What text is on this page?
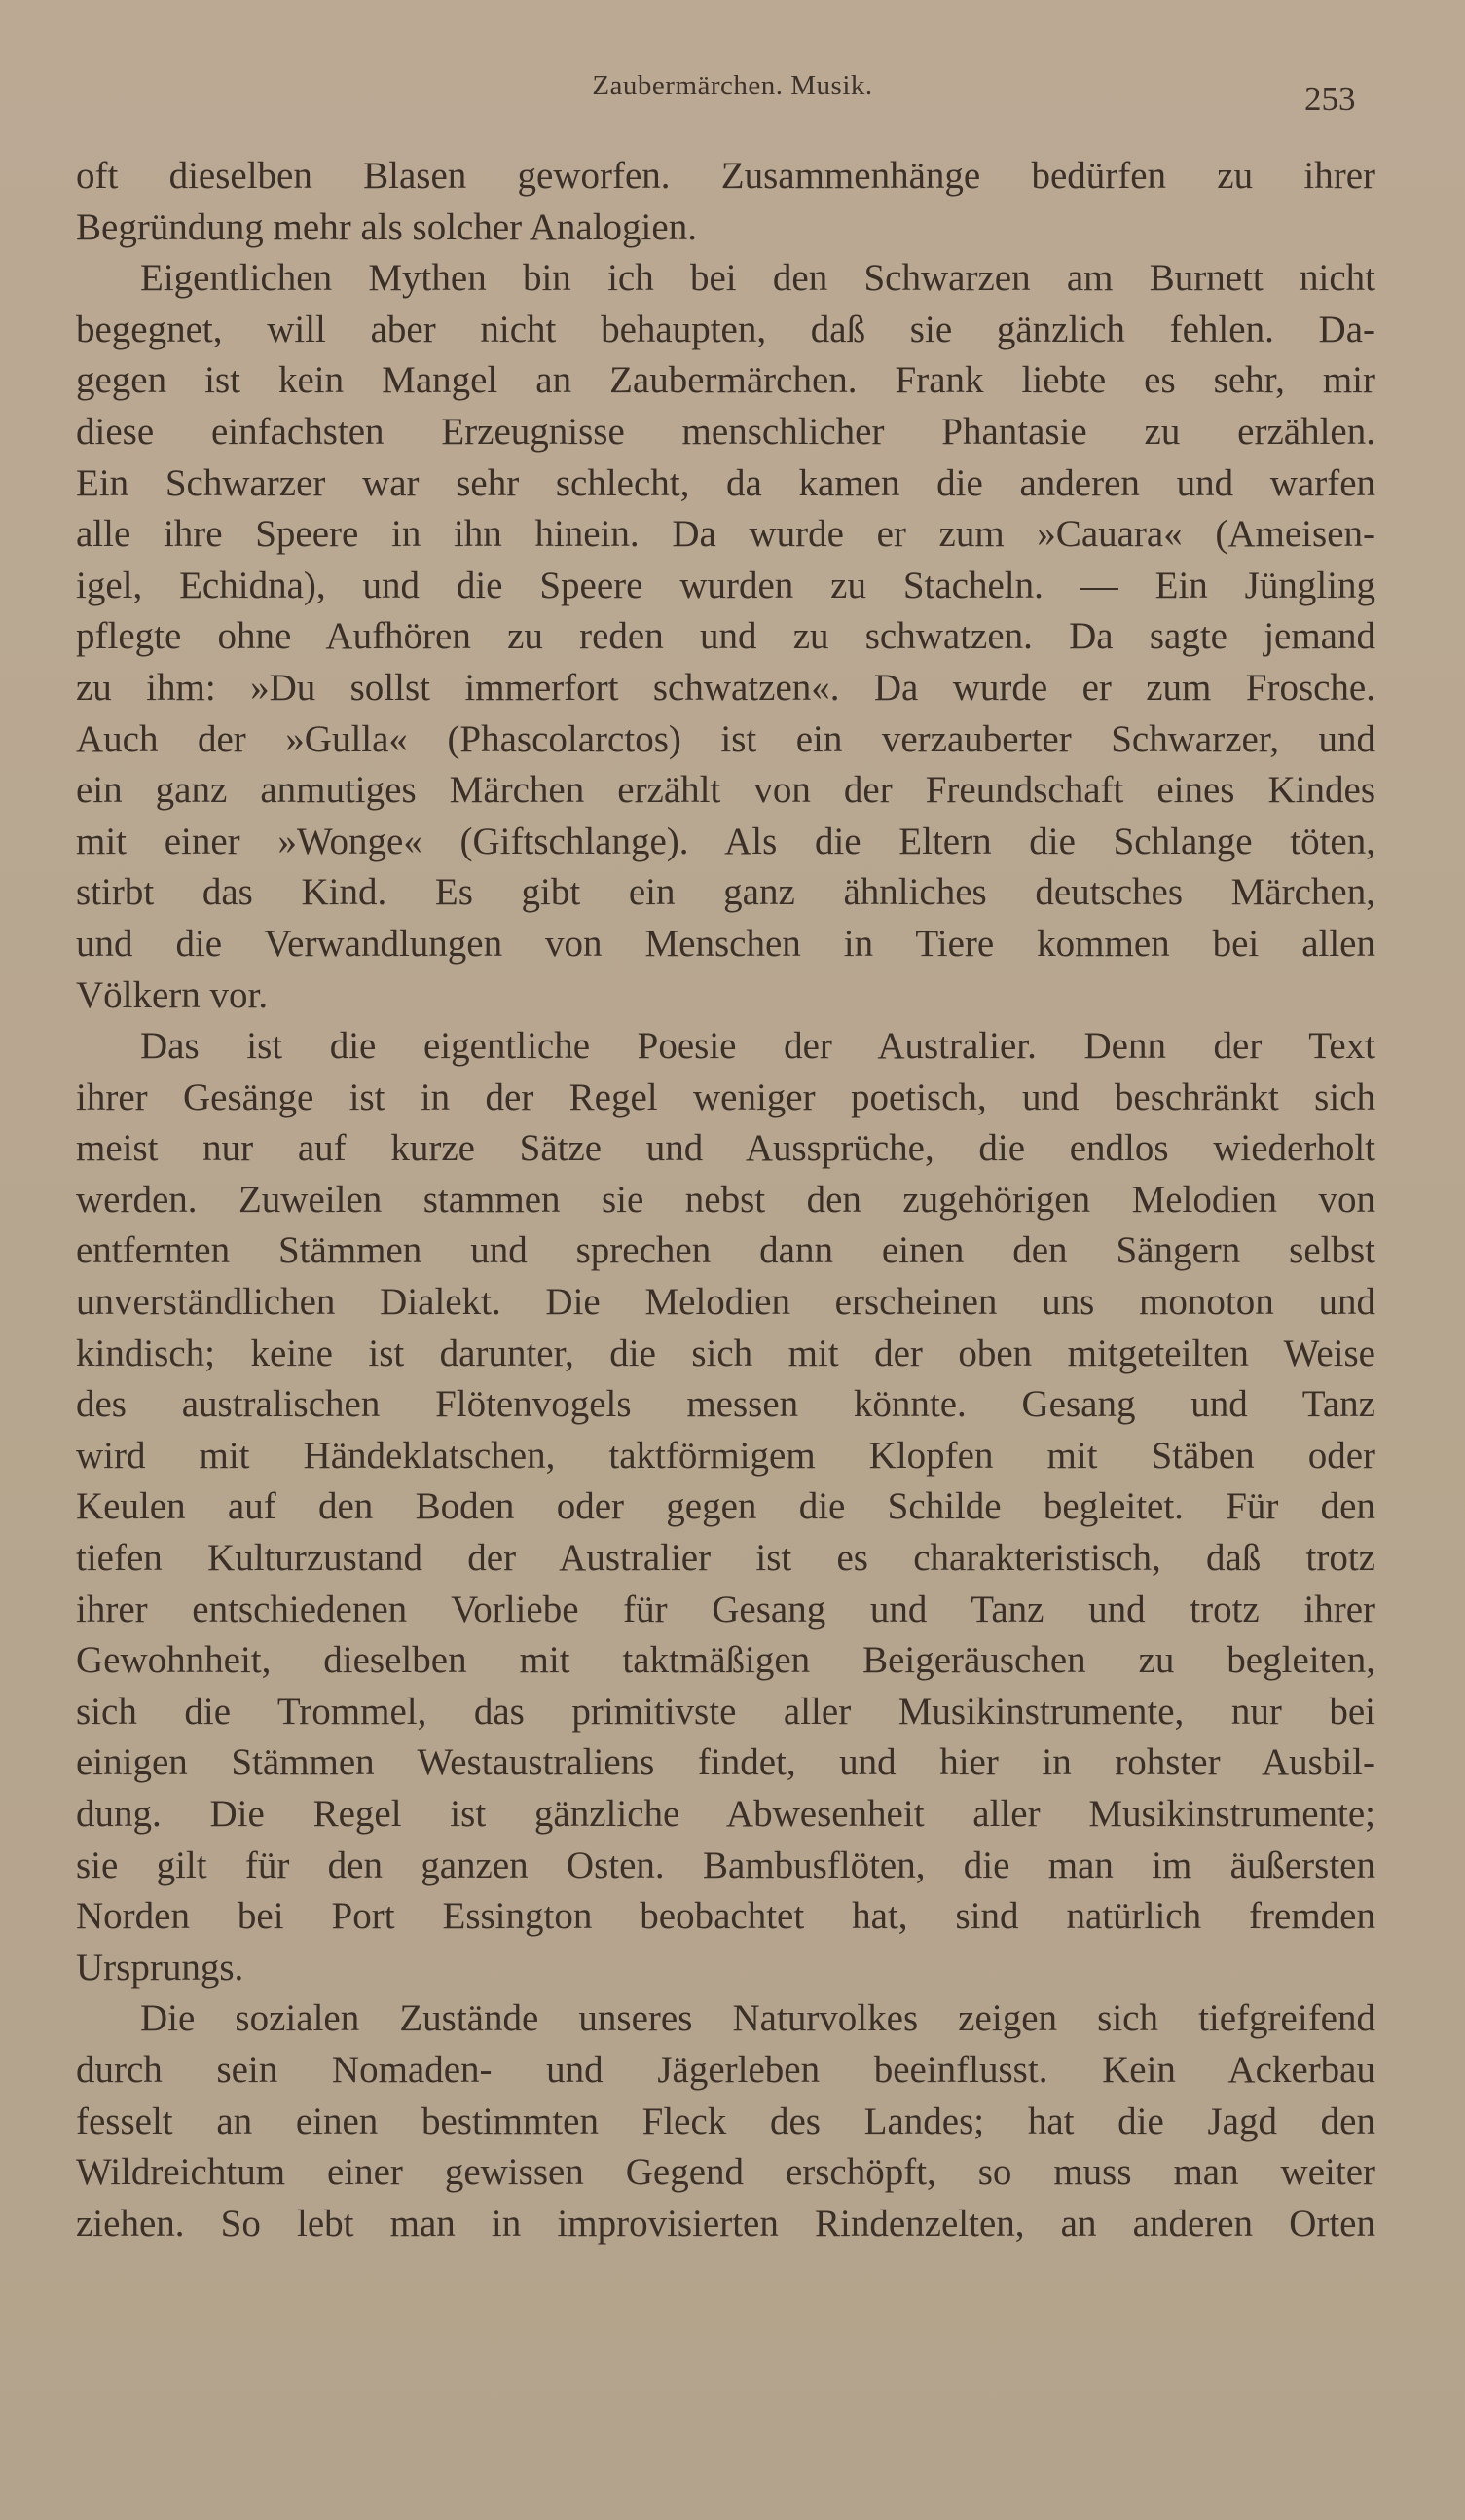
Zaubermärchen. Musik.	253
oft dieselben Blasen geworfen. Zusammenhänge bedürfen zu ihrer
Begründung mehr als solcher Analogien.
Eigentlichen Mythen bin ich bei den Schwarzen am Burnett nicht
begegnet, will aber nicht behaupten, daß sie gänzlich fehlen. Da-
gegen ist kein Mangel an Zaubermärchen. Frank liebte es sehr, mir
diese einfachsten Erzeugnisse menschlicher Phantasie zu erzählen.
Ein Schwarzer war sehr schlecht, da kamen die anderen und warfen
alle ihre Speere in ihn hinein. Da wurde er zum »Cauara« (Ameisen-
igel, Echidna), und die Speere wurden zu Stacheln. — Ein Jüngling
pflegte ohne Aufhören zu reden und zu schwatzen. Da sagte jemand
zu ihm: »Du sollst immerfort schwatzen«. Da wurde er zum Frosche.
Auch der »Gulla« (Phascolarctos) ist ein verzauberter Schwarzer, und
ein ganz anmutiges Märchen erzählt von der Freundschaft eines Kindes
mit einer »Wonge« (Giftschlange). Als die Eltern die Schlange töten,
stirbt das Kind. Es gibt ein ganz ähnliches deutsches Märchen,
und die Verwandlungen von Menschen in Tiere kommen bei allen
Völkern vor.
Das ist die eigentliche Poesie der Australier. Denn der Text
ihrer Gesänge ist in der Regel weniger poetisch, und beschränkt sich
meist nur auf kurze Sätze und Aussprüche, die endlos wiederholt
werden. Zuweilen stammen sie nebst den zugehörigen Melodien von
entfernten Stämmen und sprechen dann einen den Sängern selbst
unverständlichen Dialekt. Die Melodien erscheinen uns monoton und
kindisch; keine ist darunter, die sich mit der oben mitgeteilten Weise
des australischen Flötenvogels messen könnte. Gesang und Tanz
wird mit Händeklatschen, taktförmigem Klopfen mit Stäben oder
Keulen auf den Boden oder gegen die Schilde begleitet. Für den
tiefen Kulturzustand der Australier ist es charakteristisch, daß trotz
ihrer entschiedenen Vorliebe für Gesang und Tanz und trotz ihrer
Gewohnheit, dieselben mit taktmäßigen Beigeräuschen zu begleiten,
sich die Trommel, das primitivste aller Musikinstrumente, nur bei
einigen Stämmen Westaustraliens findet, und hier in rohster Ausbil-
dung. Die Regel ist gänzliche Abwesenheit aller Musikinstrumente;
sie gilt für den ganzen Osten. Bambusflöten, die man im äußersten
Norden bei Port Essington beobachtet hat, sind natürlich fremden
Ursprungs.
Die sozialen Zustände unseres Naturvolkes zeigen sich tiefgreifend
durch sein Nomaden- und Jägerleben beeinflusst. Kein Ackerbau
fesselt an einen bestimmten Fleck des Landes; hat die Jagd den
Wildreichtum einer gewissen Gegend erschöpft, so muss man weiter
ziehen. So lebt man in improvisierten Rindenzelten, an anderen Orten
